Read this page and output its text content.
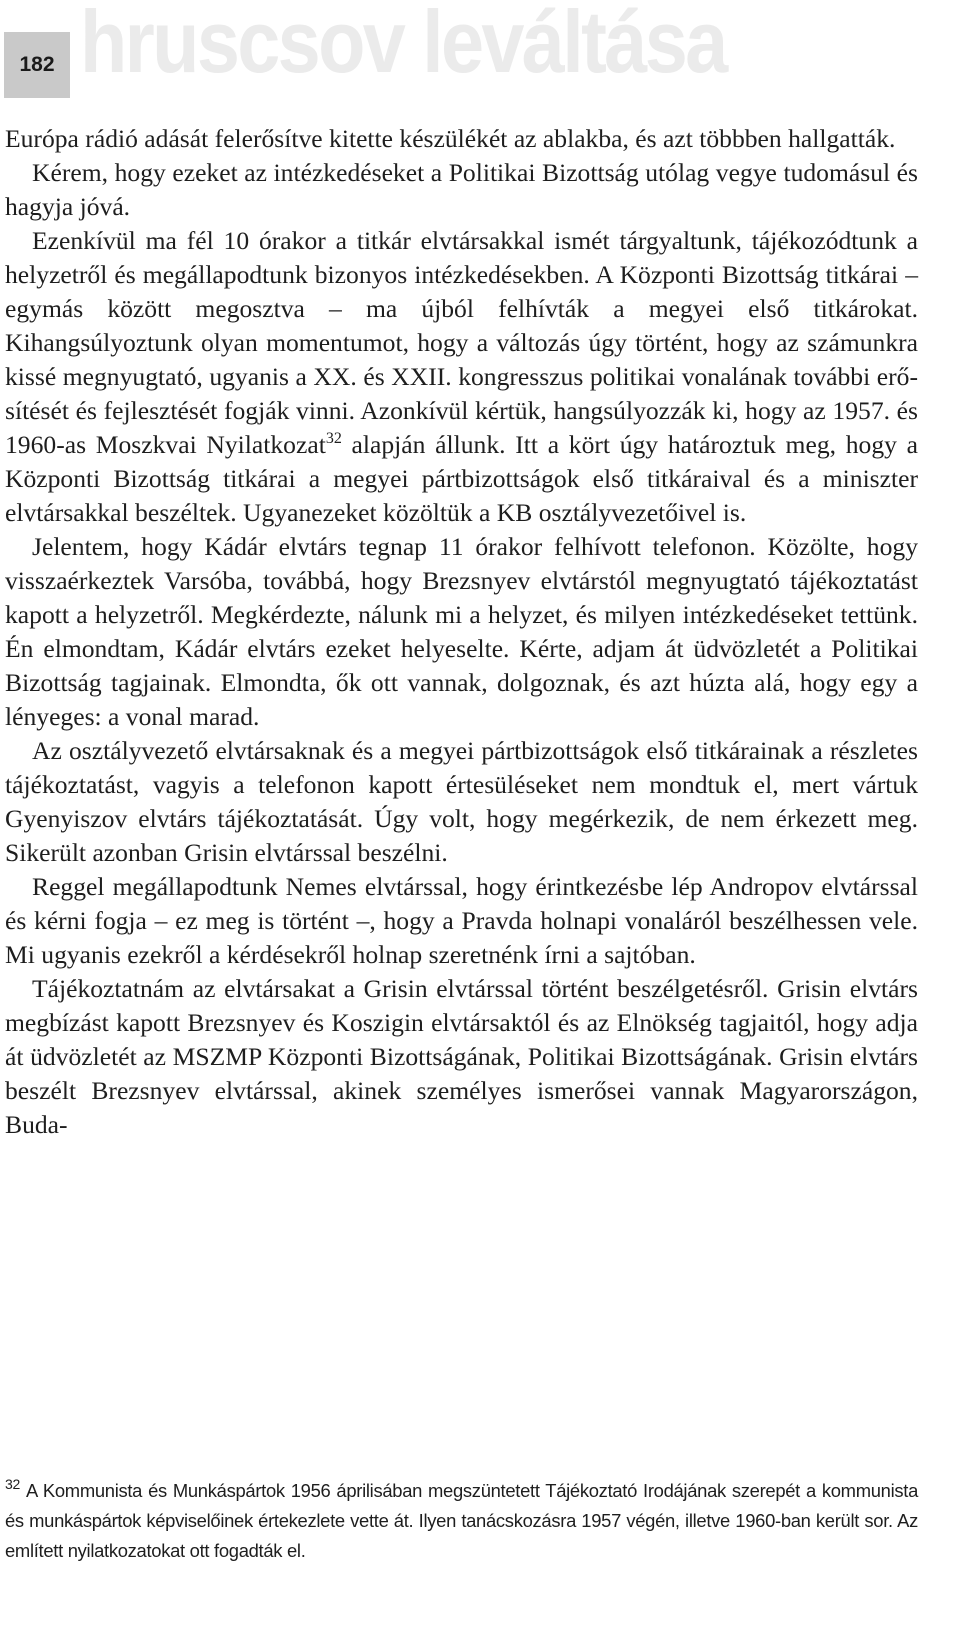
182 hruscsov leváltása

Európa rádió adását felerősítve kitette készülékét az ablakba, és azt többben hallgatták.

Kérem, hogy ezeket az intézkedéseket a Politikai Bizottság utólag vegye tudomásul és hagyja jóvá.

Ezenkívül ma fél 10 órakor a titkár elvtársakkal ismét tárgyaltunk, tájékozódtunk a helyzetről és megállapodtunk bizonyos intézkedésekben. A Központi Bizottság titkárai – egymás között megosztva – ma újból felhívták a megyei első titkárokat. Kihangsúlyoztunk olyan momentumot, hogy a változás úgy történt, hogy az számunkra kissé megnyugtató, ugyanis a XX. és XXII. kongresszus politikai vonalának további erősítését és fejlesztését fogják vinni. Azonkívül kértük, hangsúlyozzák ki, hogy az 1957. és 1960-as Moszkvai Nyilatkozat$^{32}$ alapján állunk. Itt a kört úgy határoztuk meg, hogy a Központi Bizottság titkárai a megyei pártbizottságok első titkáraival és a miniszter elvtársakkal beszéltek. Ugyanezeket közöltük a KB osztályvezetőivel is.

Jelentem, hogy Kádár elvtárs tegnap 11 órakor felhívott telefonon. Közölte, hogy visszaérkeztek Varsóba, továbbá, hogy Brezsnyev elvtárstól megnyugtató tájékoztatást kapott a helyzetről. Megkérdezte, nálunk mi a helyzet, és milyen intézkedéseket tettünk. Én elmondtam, Kádár elvtárs ezeket helyeselte. Kérte, adjam át üdvözletét a Politikai Bizottság tagjainak. Elmondta, ők ott vannak, dolgoznak, és azt húzta alá, hogy egy a lényeges: a vonal marad.

Az osztályvezető elvtársaknak és a megyei pártbizottságok első titkárainak a részletes tájékoztatást, vagyis a telefonon kapott értesüléseket nem mondtuk el, mert vártuk Gyenyiszov elvtárs tájékoztatását. Úgy volt, hogy megérkezik, de nem érkezett meg. Sikerült azonban Grisin elvtárssal beszélni.

Reggel megállapodtunk Nemes elvtárssal, hogy érintkezésbe lép Andropov elvtárssal és kérni fogja – ez meg is történt –, hogy a Pravda holnapi vonaláról beszélhessen vele. Mi ugyanis ezekről a kérdésekről holnap szeretnénk írni a sajtóban.

Tájékoztatnám az elvtársakat a Grisin elvtárssal történt beszélgetésről. Grisin elvtárs megbízást kapott Brezsnyev és Koszigin elvtársaktól és az Elnökség tagjaitól, hogy adja át üdvözletét az MSZMP Központi Bizottságának, Politikai Bizottságának. Grisin elvtárs beszélt Brezsnyev elvtárssal, akinek személyes ismerősei vannak Magyarországon, Buda-

$^{32}$ A Kommunista és Munkáspártok 1956 áprilisában megszüntetett Tájékoztató Irodájának szerepét a kommunista és munkáspártok képviselőinek értekezlete vette át. Ilyen tanácskozásra 1957 végén, illetve 1960-ban került sor. Az említett nyilatkozatokat ott fogadták el.
